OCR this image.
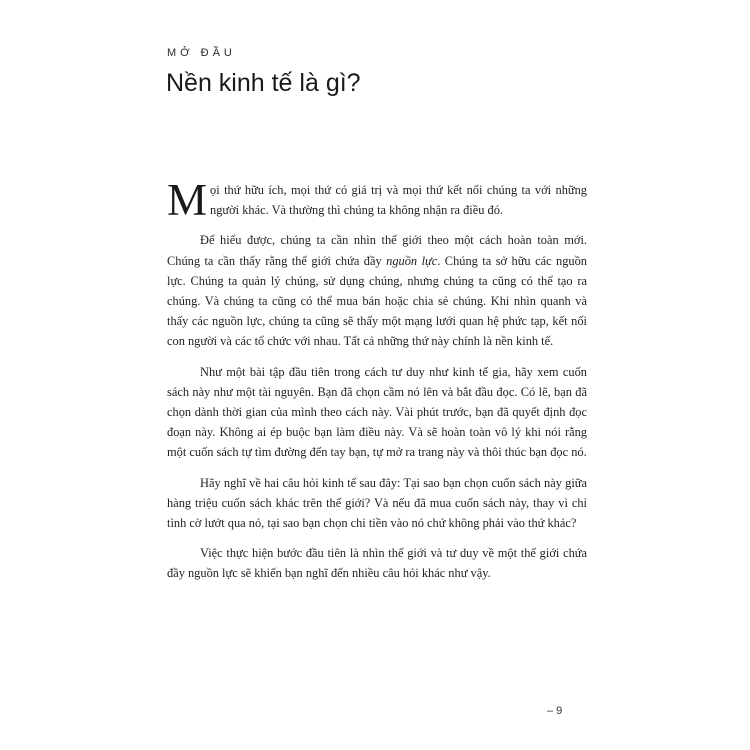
MỞ ĐẦU
Nền kinh tế là gì?

Mọi thứ hữu ích, mọi thứ có giá trị và mọi thứ kết nối chúng ta với những người khác. Và thường thì chúng ta không nhận ra điều đó.

Để hiểu được, chúng ta cần nhìn thế giới theo một cách hoàn toàn mới. Chúng ta cần thấy rằng thế giới chứa đầy nguồn lực. Chúng ta sở hữu các nguồn lực. Chúng ta quản lý chúng, sử dụng chúng, nhưng chúng ta cũng có thể tạo ra chúng. Và chúng ta cũng có thể mua bán hoặc chia sẻ chúng. Khi nhìn quanh và thấy các nguồn lực, chúng ta cũng sẽ thấy một mạng lưới quan hệ phức tạp, kết nối con người và các tổ chức với nhau. Tất cả những thứ này chính là nền kinh tế.

Như một bài tập đầu tiên trong cách tư duy như kinh tế gia, hãy xem cuốn sách này như một tài nguyên. Bạn đã chọn cầm nó lên và bắt đầu đọc. Có lẽ, bạn đã chọn dành thời gian của mình theo cách này. Vài phút trước, bạn đã quyết định đọc đoạn này. Không ai ép buộc bạn làm điều này. Và sẽ hoàn toàn vô lý khi nói rằng một cuốn sách tự tìm đường đến tay bạn, tự mở ra trang này và thôi thúc bạn đọc nó.

Hãy nghĩ về hai câu hỏi kinh tế sau đây: Tại sao bạn chọn cuốn sách này giữa hàng triệu cuốn sách khác trên thế giới? Và nếu đã mua cuốn sách này, thay vì chỉ tình cờ lướt qua nó, tại sao bạn chọn chi tiền vào nó chứ không phải vào thứ khác?

Việc thực hiện bước đầu tiên là nhìn thế giới và tư duy về một thế giới chứa đầy nguồn lực sẽ khiến bạn nghĩ đến nhiều câu hỏi khác như vậy.

– 9
